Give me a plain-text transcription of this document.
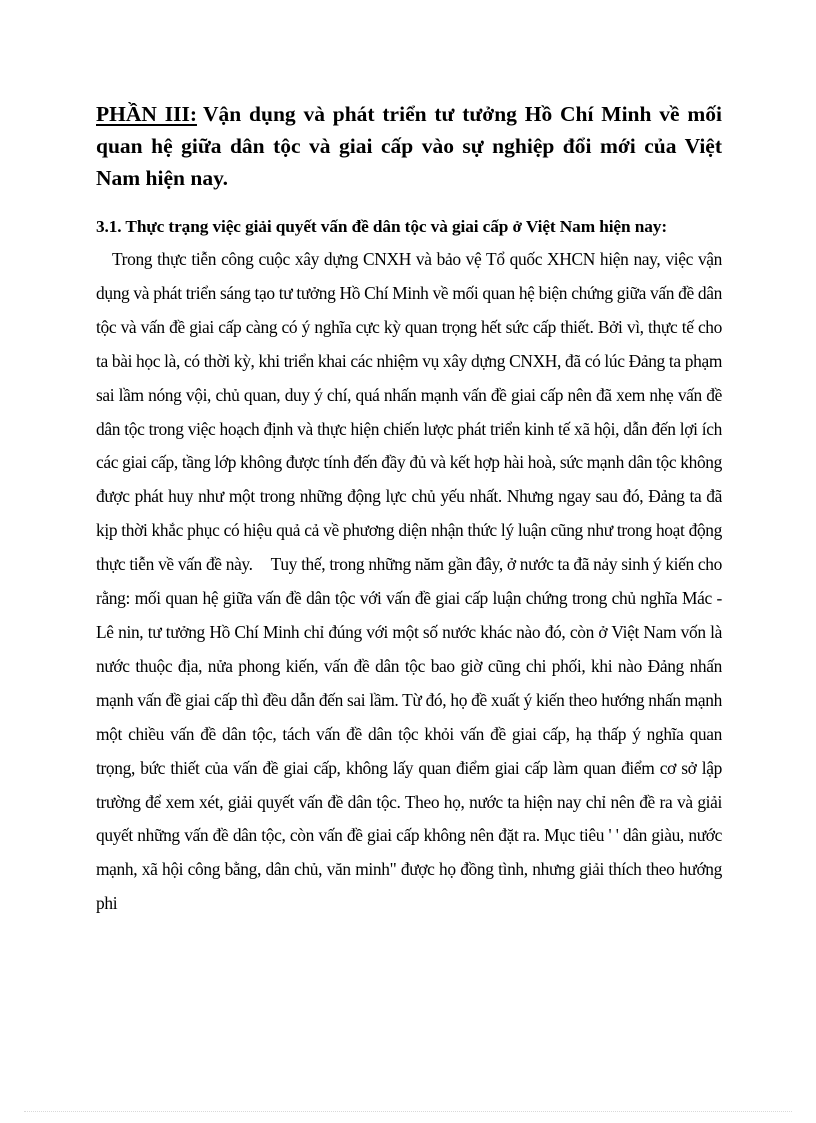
PHẦN III: Vận dụng và phát triển tư tưởng Hồ Chí Minh về mối quan hệ giữa dân tộc và giai cấp vào sự nghiệp đổi mới của Việt Nam hiện nay.
3.1. Thực trạng việc giải quyết vấn đề dân tộc và giai cấp ở Việt Nam hiện nay:

Trong thực tiễn công cuộc xây dựng CNXH và bảo vệ Tổ quốc XHCN hiện nay, việc vận dụng và phát triển sáng tạo tư tưởng Hồ Chí Minh về mối quan hệ biện chứng giữa vấn đề dân tộc và vấn đề giai cấp càng có ý nghĩa cực kỳ quan trọng hết sức cấp thiết. Bởi vì, thực tế cho ta bài học là, có thời kỳ, khi triển khai các nhiệm vụ xây dựng CNXH, đã có lúc Đảng ta phạm sai lầm nóng vội, chủ quan, duy ý chí, quá nhấn mạnh vấn đề giai cấp nên đã xem nhẹ vấn đề dân tộc trong việc hoạch định và thực hiện chiến lược phát triển kinh tế xã hội, dẫn đến lợi ích các giai cấp, tầng lớp không được tính đến đầy đủ và kết hợp hài hoà, sức mạnh dân tộc không được phát huy như một trong những động lực chủ yếu nhất. Nhưng ngay sau đó, Đảng ta đã kịp thời khắc phục có hiệu quả cả về phương diện nhận thức lý luận cũng như trong hoạt động thực tiễn về vấn đề này. Tuy thế, trong những năm gần đây, ở nước ta đã nảy sinh ý kiến cho rằng: mối quan hệ giữa vấn đề dân tộc với vấn đề giai cấp luận chứng trong chủ nghĩa Mác - Lê nin, tư tưởng Hồ Chí Minh chỉ đúng với một số nước khác nào đó, còn ở Việt Nam vốn là nước thuộc địa, nửa phong kiến, vấn đề dân tộc bao giờ cũng chi phối, khi nào Đảng nhấn mạnh vấn đề giai cấp thì đều dẫn đến sai lầm. Từ đó, họ đề xuất ý kiến theo hướng nhấn mạnh một chiều vấn đề dân tộc, tách vấn đề dân tộc khỏi vấn đề giai cấp, hạ thấp ý nghĩa quan trọng, bức thiết của vấn đề giai cấp, không lấy quan điểm giai cấp làm quan điểm cơ sở lập trường để xem xét, giải quyết vấn đề dân tộc. Theo họ, nước ta hiện nay chỉ nên đề ra và giải quyết những vấn đề dân tộc, còn vấn đề giai cấp không nên đặt ra. Mục tiêu ' ' dân giàu, nước mạnh, xã hội công bằng, dân chủ, văn minh" được họ đồng tình, nhưng giải thích theo hướng phi
